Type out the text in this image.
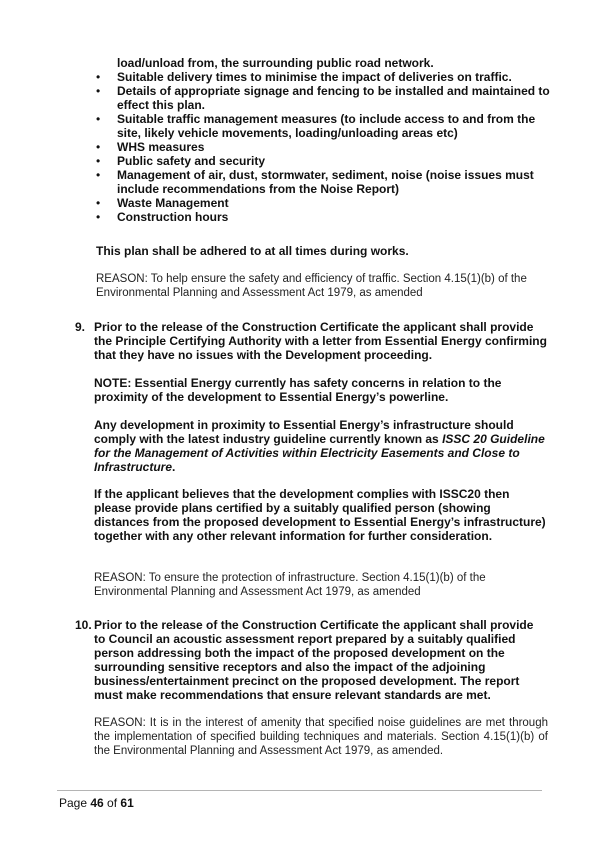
load/unload from, the surrounding public road network.
• Suitable delivery times to minimise the impact of deliveries on traffic.
• Details of appropriate signage and fencing to be installed and maintained to effect this plan.
• Suitable traffic management measures (to include access to and from the site, likely vehicle movements, loading/unloading areas etc)
• WHS measures
• Public safety and security
• Management of air, dust, stormwater, sediment, noise (noise issues must include recommendations from the Noise Report)
• Waste Management
• Construction hours
This plan shall be adhered to at all times during works.
REASON: To help ensure the safety and efficiency of traffic. Section 4.15(1)(b) of the Environmental Planning and Assessment Act 1979, as amended
9. Prior to the release of the Construction Certificate the applicant shall provide the Principle Certifying Authority with a letter from Essential Energy confirming that they have no issues with the Development proceeding.
NOTE: Essential Energy currently has safety concerns in relation to the proximity of the development to Essential Energy’s powerline.
Any development in proximity to Essential Energy’s infrastructure should comply with the latest industry guideline currently known as ISSC 20 Guideline for the Management of Activities within Electricity Easements and Close to Infrastructure.
If the applicant believes that the development complies with ISSC20 then please provide plans certified by a suitably qualified person (showing distances from the proposed development to Essential Energy’s infrastructure) together with any other relevant information for further consideration.
REASON: To ensure the protection of infrastructure. Section 4.15(1)(b) of the Environmental Planning and Assessment Act 1979, as amended
10. Prior to the release of the Construction Certificate the applicant shall provide to Council an acoustic assessment report prepared by a suitably qualified person addressing both the impact of the proposed development on the surrounding sensitive receptors and also the impact of the adjoining business/entertainment precinct on the proposed development. The report must make recommendations that ensure relevant standards are met.
REASON: It is in the interest of amenity that specified noise guidelines are met through the implementation of specified building techniques and materials. Section 4.15(1)(b) of the Environmental Planning and Assessment Act 1979, as amended.
Page 46 of 61
